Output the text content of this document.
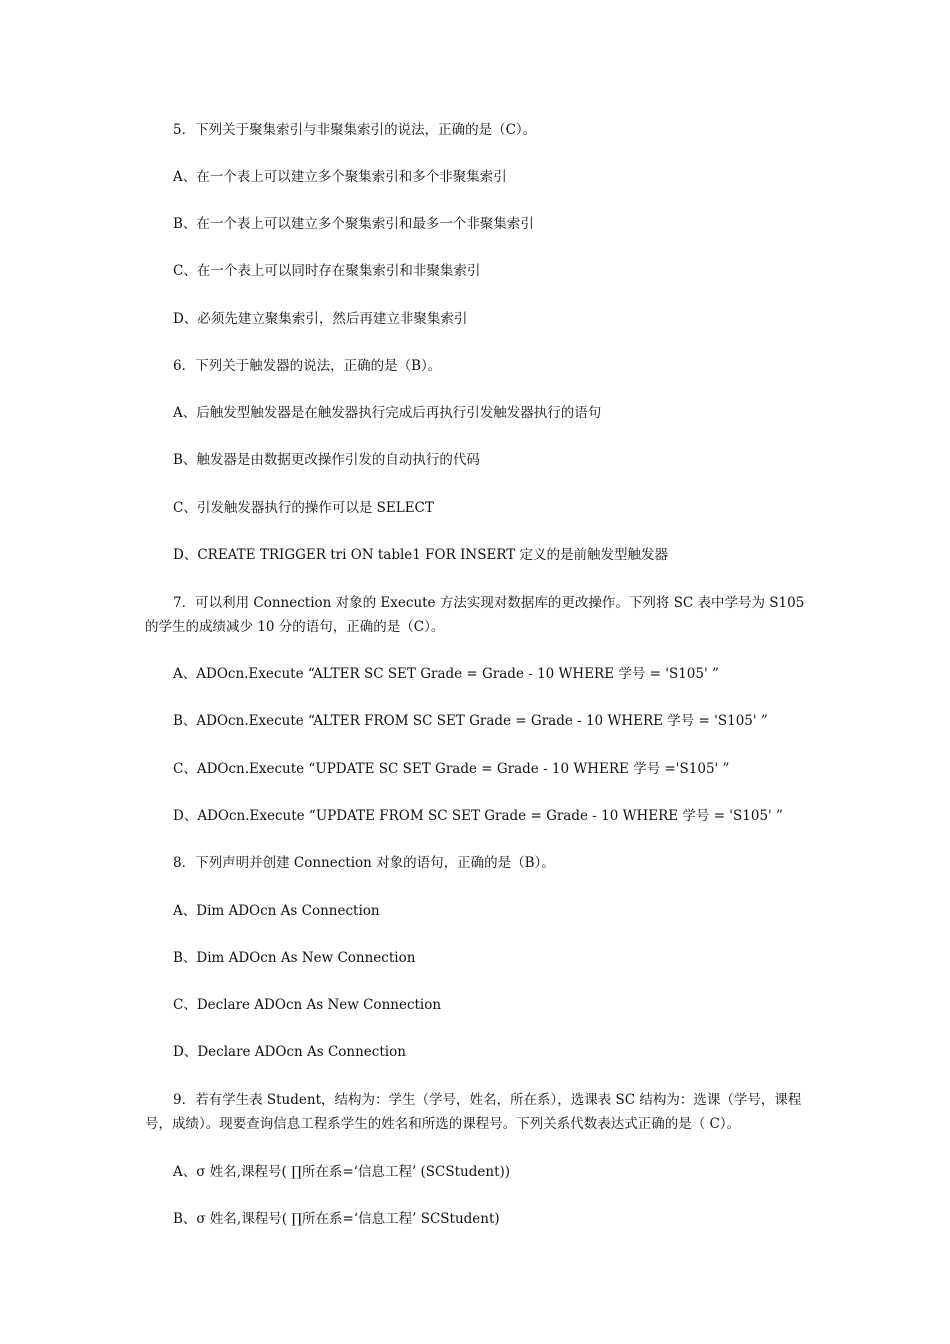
5．下列关于聚集索引与非聚集索引的说法，正确的是（C）。

A、在一个表上可以建立多个聚集索引和多个非聚集索引

B、在一个表上可以建立多个聚集索引和最多一个非聚集索引

C、在一个表上可以同时存在聚集索引和非聚集索引

D、必须先建立聚集索引，然后再建立非聚集索引

6．下列关于触发器的说法，正确的是（B）。

A、后触发型触发器是在触发器执行完成后再执行引发触发器执行的语句

B、触发器是由数据更改操作引发的自动执行的代码

C、引发触发器执行的操作可以是 SELECT

D、CREATE TRIGGER tri ON table1 FOR INSERT 定义的是前触发型触发器

7．可以利用 Connection 对象的 Execute 方法实现对数据库的更改操作。下列将 SC 表中学号为 S105 的学生的成绩减少 10 分的语句，正确的是（C）。

A、ADOcn.Execute “ALTER SC SET Grade = Grade - 10 WHERE 学号 = 'S105' ”

B、ADOcn.Execute “ALTER FROM SC SET Grade = Grade - 10 WHERE 学号 = 'S105' ”

C、ADOcn.Execute “UPDATE SC SET Grade = Grade - 10 WHERE 学号 ='S105' ”

D、ADOcn.Execute “UPDATE FROM SC SET Grade = Grade - 10 WHERE 学号 = 'S105' ”

8．下列声明并创建 Connection 对象的语句，正确的是（B）。

A、Dim ADOcn As Connection

B、Dim ADOcn As New Connection

C、Declare ADOcn As New Connection

D、Declare ADOcn As Connection

9．若有学生表 Student，结构为：学生（学号，姓名，所在系），选课表 SC 结构为：选课（学号，课程号，成绩）。现要查询信息工程系学生的姓名和所选的课程号。下列关系代数表达式正确的是（ C）。

A、σ 姓名,课程号( ∏所在系=‘信息工程’ (SCStudent))

B、σ 姓名,课程号( ∏所在系=‘信息工程’ SCStudent)
